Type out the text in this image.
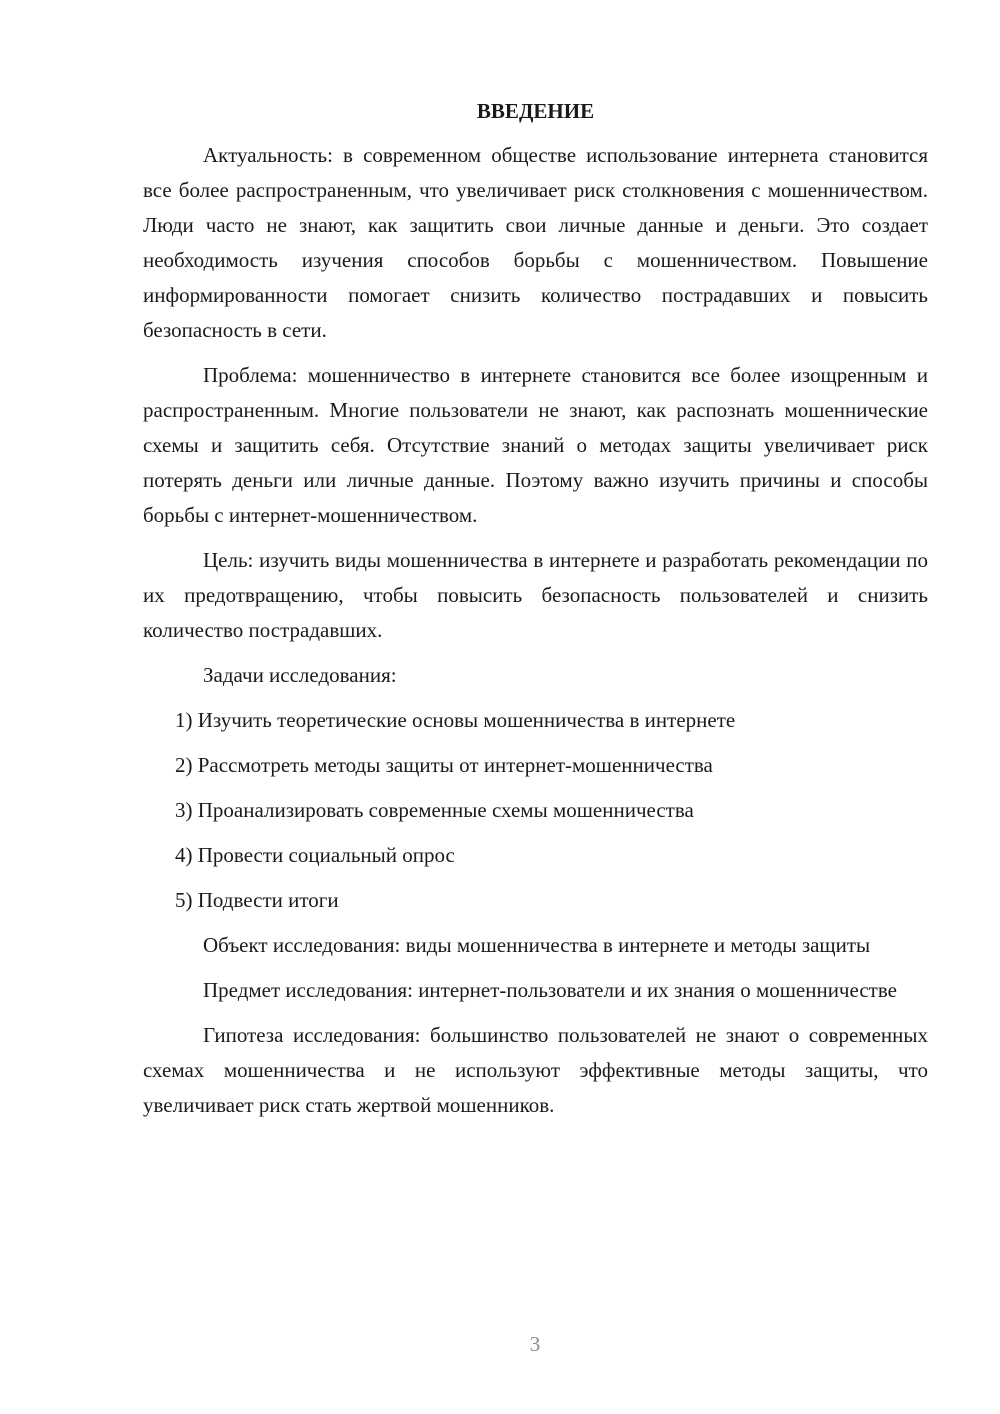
ВВЕДЕНИЕ

Актуальность: в современном обществе использование интернета становится все более распространенным, что увеличивает риск столкновения с мошенничеством. Люди часто не знают, как защитить свои личные данные и деньги. Это создает необходимость изучения способов борьбы с мошенничеством. Повышение информированности помогает снизить количество пострадавших и повысить безопасность в сети.

Проблема: мошенничество в интернете становится все более изощренным и распространенным. Многие пользователи не знают, как распознать мошеннические схемы и защитить себя. Отсутствие знаний о методах защиты увеличивает риск потерять деньги или личные данные. Поэтому важно изучить причины и способы борьбы с интернет-мошенничеством.

Цель: изучить виды мошенничества в интернете и разработать рекомендации по их предотвращению, чтобы повысить безопасность пользователей и снизить количество пострадавших.

Задачи исследования:

1) Изучить теоретические основы мошенничества в интернете

2) Рассмотреть методы защиты от интернет-мошенничества

3) Проанализировать современные схемы мошенничества

4) Провести социальный опрос

5) Подвести итоги

Объект исследования: виды мошенничества в интернете и методы защиты

Предмет исследования: интернет-пользователи и их знания о мошенничестве

Гипотеза исследования: большинство пользователей не знают о современных схемах мошенничества и не используют эффективные методы защиты, что увеличивает риск стать жертвой мошенников.

3
